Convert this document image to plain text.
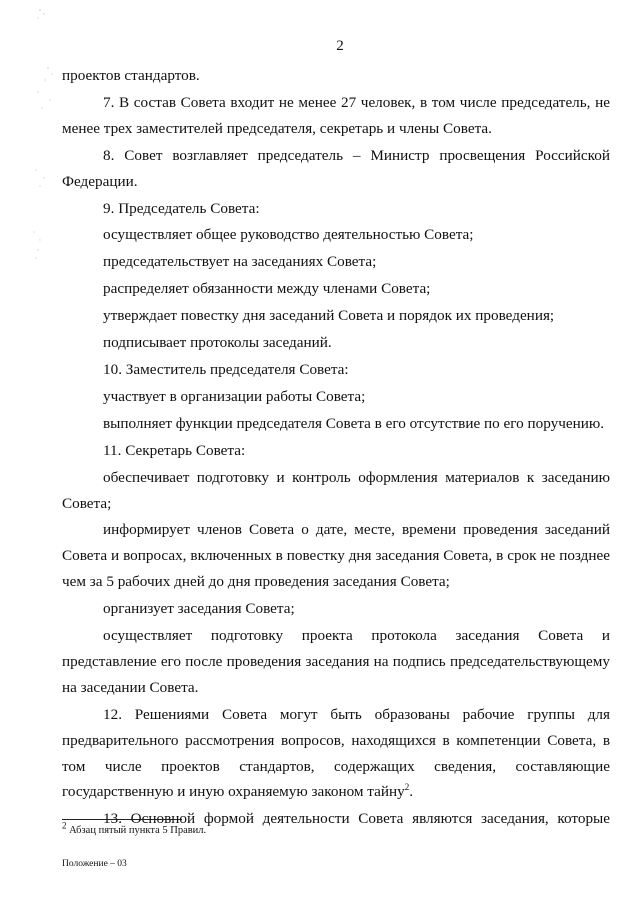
2

проектов стандартов.

7. В состав Совета входит не менее 27 человек, в том числе председатель, не менее трех заместителей председателя, секретарь и члены Совета.

8. Совет возглавляет председатель – Министр просвещения Российской Федерации.

9. Председатель Совета:

осуществляет общее руководство деятельностью Совета;

председательствует на заседаниях Совета;

распределяет обязанности между членами Совета;

утверждает повестку дня заседаний Совета и порядок их проведения;

подписывает протоколы заседаний.

10. Заместитель председателя Совета:

участвует в организации работы Совета;

выполняет функции председателя Совета в его отсутствие по его поручению.

11. Секретарь Совета:

обеспечивает подготовку и контроль оформления материалов к заседанию Совета;

информирует членов Совета о дате, месте, времени проведения заседаний Совета и вопросах, включенных в повестку дня заседания Совета, в срок не позднее чем за 5 рабочих дней до дня проведения заседания Совета;

организует заседания Совета;

осуществляет подготовку проекта протокола заседания Совета и представление его после проведения заседания на подпись председательствующему на заседании Совета.

12. Решениями Совета могут быть образованы рабочие группы для предварительного рассмотрения вопросов, находящихся в компетенции Совета, в том числе проектов стандартов, содержащих сведения, составляющие государственную и иную охраняемую законом тайну$^2$.

13. Основной формой деятельности Совета являются заседания, которые

$^2$ Абзац пятый пункта 5 Правил.
Положение – 03
